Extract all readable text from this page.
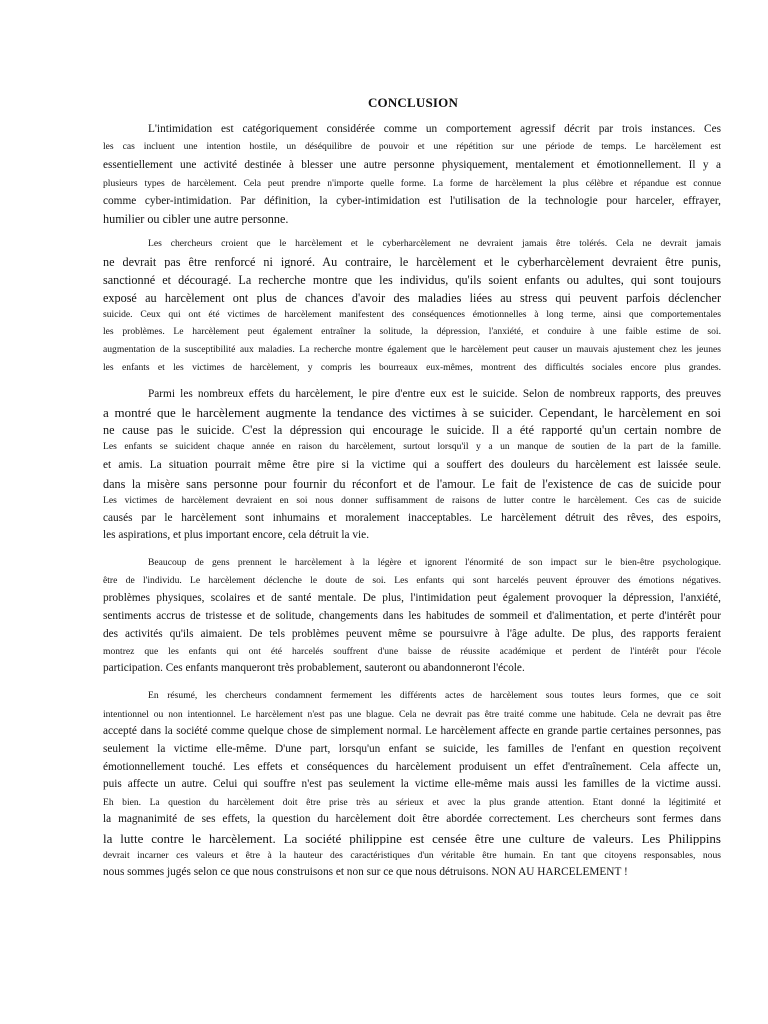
CONCLUSION
L'intimidation est catégoriquement considérée comme un comportement agressif décrit par trois instances. Ces
les cas incluent une intention hostile, un déséquilibre de pouvoir et une répétition sur une période de temps. Le harcèlement est
essentiellement une activité destinée à blesser une autre personne physiquement, mentalement et émotionnellement. Il y a
plusieurs types de harcèlement. Cela peut prendre n'importe quelle forme. La forme de harcèlement la plus célèbre et répandue est connue
comme cyber-intimidation. Par définition, la cyber-intimidation est l'utilisation de la technologie pour harceler, effrayer,
humilier ou cibler une autre personne.
Les chercheurs croient que le harcèlement et le cyberharcèlement ne devraient jamais être tolérés. Cela ne devrait jamais
ne devrait pas être renforcé ni ignoré. Au contraire, le harcèlement et le cyberharcèlement devraient être punis,
sanctionné et découragé. La recherche montre que les individus, qu'ils soient enfants ou adultes, qui sont toujours
exposé au harcèlement ont plus de chances d'avoir des maladies liées au stress qui peuvent parfois déclencher
suicide. Ceux qui ont été victimes de harcèlement manifestent des conséquences émotionnelles à long terme, ainsi que comportementales
les problèmes. Le harcèlement peut également entraîner la solitude, la dépression, l'anxiété, et conduire à une faible estime de soi.
augmentation de la susceptibilité aux maladies. La recherche montre également que le harcèlement peut causer un mauvais ajustement chez les jeunes
les enfants et les victimes de harcèlement, y compris les bourreaux eux-mêmes, montrent des difficultés sociales encore plus grandes.
Parmi les nombreux effets du harcèlement, le pire d'entre eux est le suicide. Selon de nombreux rapports, des preuves
a montré que le harcèlement augmente la tendance des victimes à se suicider. Cependant, le harcèlement en soi
ne cause pas le suicide. C'est la dépression qui encourage le suicide. Il a été rapporté qu'un certain nombre de
Les enfants se suicident chaque année en raison du harcèlement, surtout lorsqu'il y a un manque de soutien de la part de la famille.
et amis. La situation pourrait même être pire si la victime qui a souffert des douleurs du harcèlement est laissée seule.
dans la misère sans personne pour fournir du réconfort et de l'amour. Le fait de l'existence de cas de suicide pour
Les victimes de harcèlement devraient en soi nous donner suffisamment de raisons de lutter contre le harcèlement. Ces cas de suicide
causés par le harcèlement sont inhumains et moralement inacceptables. Le harcèlement détruit des rêves, des espoirs,
les aspirations, et plus important encore, cela détruit la vie.
Beaucoup de gens prennent le harcèlement à la légère et ignorent l'énormité de son impact sur le bien-être psychologique.
être de l'individu. Le harcèlement déclenche le doute de soi. Les enfants qui sont harcelés peuvent éprouver des émotions négatives.
problèmes physiques, scolaires et de santé mentale. De plus, l'intimidation peut également provoquer la dépression, l'anxiété,
sentiments accrus de tristesse et de solitude, changements dans les habitudes de sommeil et d'alimentation, et perte d'intérêt pour
des activités qu'ils aimaient. De tels problèmes peuvent même se poursuivre à l'âge adulte. De plus, des rapports feraient
montrez que les enfants qui ont été harcelés souffrent d'une baisse de réussite académique et perdent de l'intérêt pour l'école
participation. Ces enfants manqueront très probablement, sauteront ou abandonneront l'école.
En résumé, les chercheurs condamnent fermement les différents actes de harcèlement sous toutes leurs formes, que ce soit
intentionnel ou non intentionnel. Le harcèlement n'est pas une blague. Cela ne devrait pas être traité comme une habitude. Cela ne devrait pas être
accepté dans la société comme quelque chose de simplement normal. Le harcèlement affecte en grande partie certaines personnes, pas
seulement la victime elle-même. D'une part, lorsqu'un enfant se suicide, les familles de l'enfant en question reçoivent
émotionnellement touché. Les effets et conséquences du harcèlement produisent un effet d'entraînement. Cela affecte un,
puis affecte un autre. Celui qui souffre n'est pas seulement la victime elle-même mais aussi les familles de la victime aussi.
Eh bien. La question du harcèlement doit être prise très au sérieux et avec la plus grande attention. Étant donné la légitimité et
la magnanimité de ses effets, la question du harcèlement doit être abordée correctement. Les chercheurs sont fermes dans
la lutte contre le harcèlement. La société philippine est censée être une culture de valeurs. Les Philippins
devrait incarner ces valeurs et être à la hauteur des caractéristiques d'un véritable être humain. En tant que citoyens responsables, nous
nous sommes jugés selon ce que nous construisons et non sur ce que nous détruisons. NON AU HARCELEMENT !
